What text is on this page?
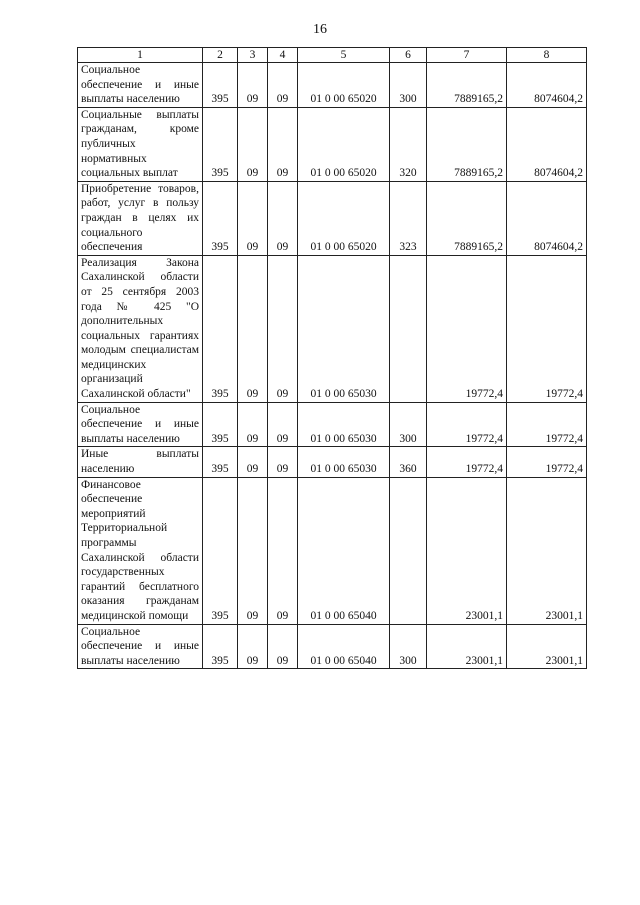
16
1	2	3	4	5	6	7	8
Социальное обеспечение и иные выплаты населению	395	09	09	01 0 00 65020	300	7889165,2	8074604,2
Социальные выплаты гражданам, кроме публичных нормативных социальных выплат	395	09	09	01 0 00 65020	320	7889165,2	8074604,2
Приобретение товаров, работ, услуг в пользу граждан в целях их социального обеспечения	395	09	09	01 0 00 65020	323	7889165,2	8074604,2
Реализация Закона Сахалинской области от 25 сентября 2003 года № 425 "О дополнительных социальных гарантиях молодым специалистам медицинских организаций Сахалинской области"	395	09	09	01 0 00 65030		19772,4	19772,4
Социальное обеспечение и иные выплаты населению	395	09	09	01 0 00 65030	300	19772,4	19772,4
Иные выплаты населению	395	09	09	01 0 00 65030	360	19772,4	19772,4
Финансовое обеспечение мероприятий Территориальной программы Сахалинской области государственных гарантий бесплатного оказания гражданам медицинской помощи	395	09	09	01 0 00 65040		23001,1	23001,1
Социальное обеспечение и иные выплаты населению	395	09	09	01 0 00 65040	300	23001,1	23001,1
